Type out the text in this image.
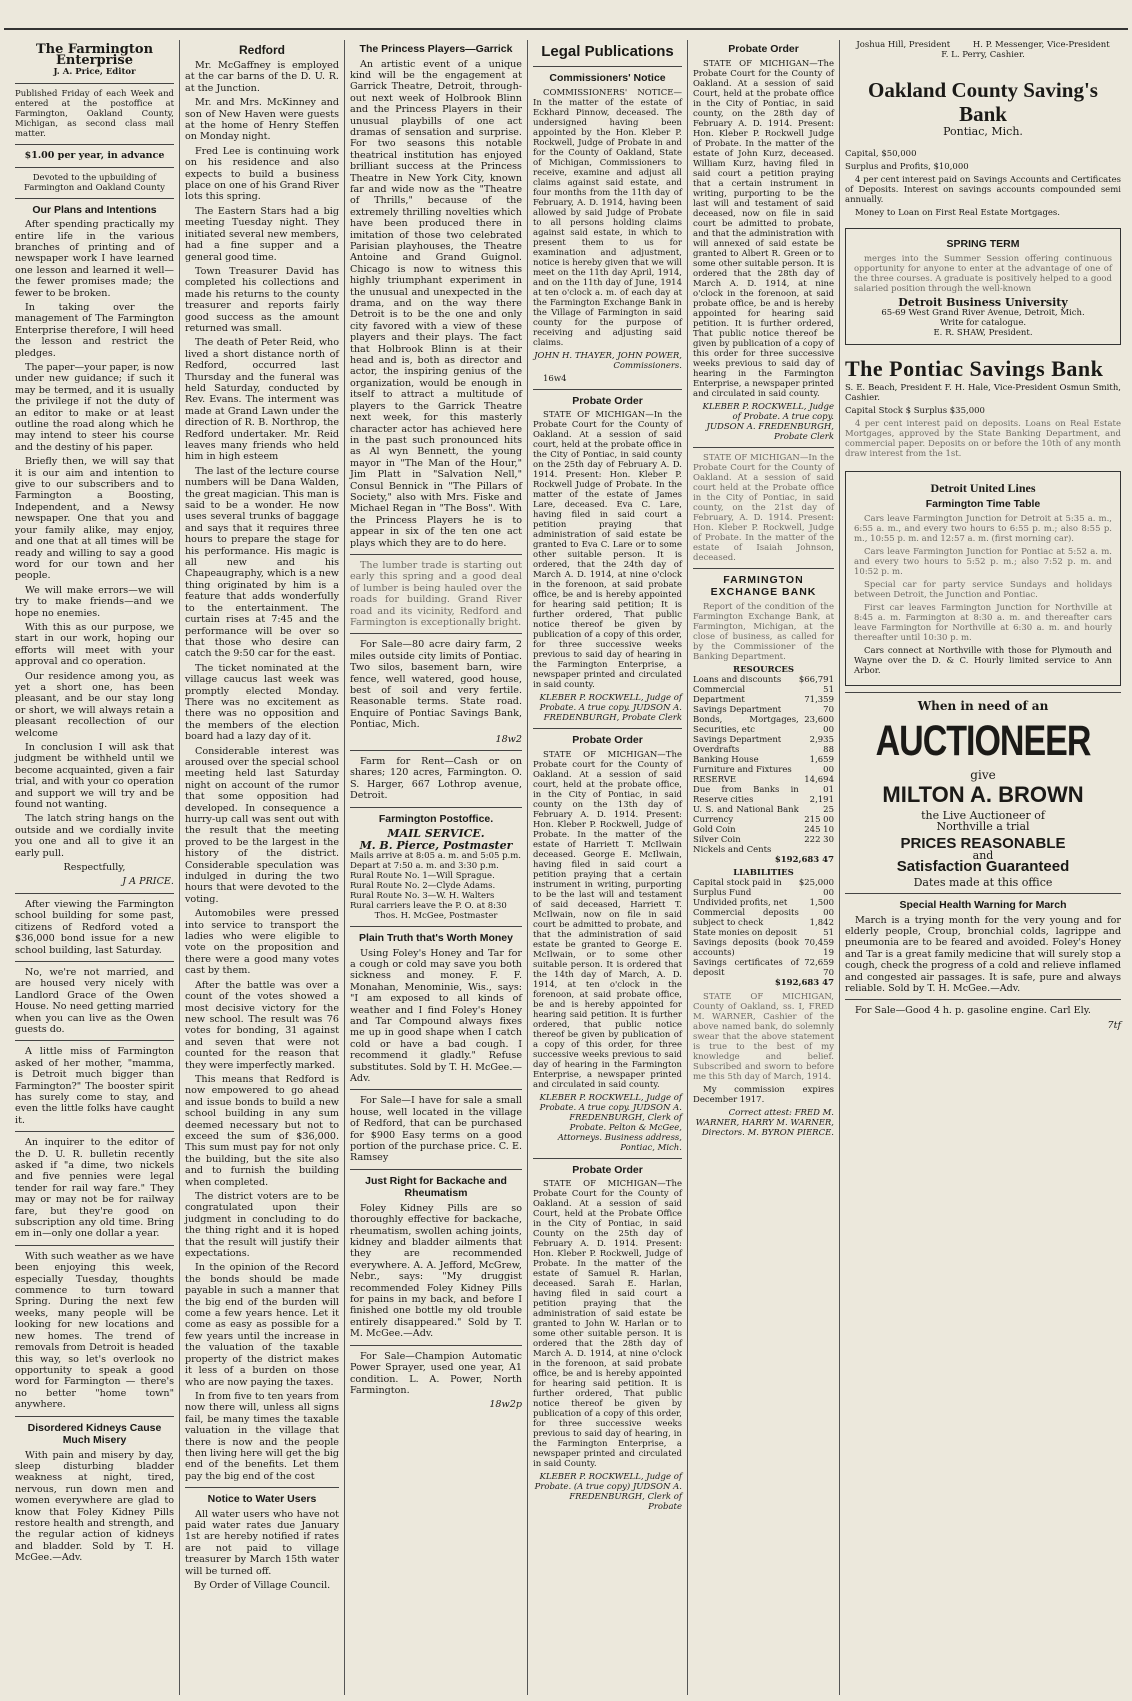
The Farmington Enterprise
J. A. Price, Editor

Published Friday of each Week and entered at the postoffice at Farmington, Oakland County, Michigan, as second class mail matter.

$1.00 per year, in advance

Devoted to the upbuilding of Farmington and Oakland County

Our Plans and Intentions

After spending practically my entire life in the various branches of printing and of newspaper work I have learned one lesson and learned it well—the fewer promises made; the fewer to be broken.

In taking over the management of The Farmington Enterprise therefore, I will heed the lesson and restrict the pledges.

The paper—your paper, is now under new guidance; if such it may be termed, and it is usually the privilege if not the duty of an editor to make or at least outline the road along which he may intend to steer his course and the destiny of his paper.

Briefly then, we will say that it is our aim and intention to give to our subscribers and to Farmington a Boosting, Independent, and a Newsy newspaper. One that you and your family alike, may enjoy, and one that at all times will be ready and willing to say a good word for our town and her people.

We will make errors—we will try to make friends—and we hope no enemies.

With this as our purpose, we start in our work, hoping our efforts will meet with your approval and co operation.

Our residence among you, as yet a short one, has been pleasant, and be our stay long or short, we will always retain a pleasant recollection of our welcome

In conclusion I will ask that judgment be withheld until we become acquainted, given a fair trial, and with your co operation and support we will try and be found not wanting.

The latch string hangs on the outside and we cordially invite you one and all to give it an early pull.

Respectfully,

J A PRICE.

After viewing the Farmington school building for some past, citizens of Redford voted a $36,000 bond issue for a new school building, last Saturday.

No, we're not married, and are housed very nicely with Landlord Grace of the Owen House. No need getting married when you can live as the Owen guests do.

A little miss of Farmington asked of her mother, "mamma, is Detroit much bigger than Farmington?" The booster spirit has surely come to stay, and even the little folks have caught it.

An inquirer to the editor of the D. U. R. bulletin recently asked if "a dime, two nickels and five pennies were legal tender for rail way fare." They may or may not be for railway fare, but they're good on subscription any old time. Bring em in—only one dollar a year.

With such weather as we have been enjoying this week, especially Tuesday, thoughts commence to turn toward Spring. During the next few weeks, many people will be looking for new locations and new homes. The trend of removals from Detroit is headed this way, so let's overlook no opportunity to speak a good word for Farmington — there's no better "home town" anywhere.

Disordered Kidneys Cause Much Misery

With pain and misery by day, sleep disturbing bladder weakness at night, tired, nervous, run down men and women everywhere are glad to know that Foley Kidney Pills restore health and strength, and the regular action of kidneys and bladder. Sold by T. H. McGee.—Adv.

Redford

Mr. McGaffney is employed at the car barns of the D. U. R. at the Junction.

Mr. and Mrs. McKinney and son of New Haven were guests at the home of Henry Steffen on Monday night.

Fred Lee is continuing work on his residence and also expects to build a business place on one of his Grand River lots this spring.

The Eastern Stars had a big meeting Tuesday night. They initiated several new members, had a fine supper and a general good time.

Town Treasurer David has completed his collections and made his returns to the county treasurer and reports fairly good success as the amount returned was small.

The death of Peter Reid, who lived a short distance north of Redford, occurred last Thursday and the funeral was held Saturday, conducted by Rev. Evans. The interment was made at Grand Lawn under the direction of R. B. Northrop, the Redford undertaker. Mr. Reid leaves many friends who held him in high esteem

The last of the lecture course numbers will be Dana Walden, the great magician. This man is said to be a wonder. He now uses several trunks of baggage and says that it requires three hours to prepare the stage for his performance. His magic is all new and his Chapeaugraphy, which is a new thing originated by him is a feature that adds wonderfully to the entertainment. The curtain rises at 7:45 and the performance will be over so that those who desire can catch the 9:50 car for the east.

The ticket nominated at the village caucus last week was promptly elected Monday. There was no excitement as there was no opposition and the members of the election board had a lazy day of it.

Considerable interest was aroused over the special school meeting held last Saturday night on account of the rumor that some opposition had developed. In consequence a hurry-up call was sent out with the result that the meeting proved to be the largest in the history of the district. Considerable speculation was indulged in during the two hours that were devoted to the voting.

Automobiles were pressed into service to transport the ladies who were eligible to vote on the proposition and there were a good many votes cast by them.

After the battle was over a count of the votes showed a most decisive victory for the new school. The result was 76 votes for bonding, 31 against and seven that were not counted for the reason that they were imperfectly marked.

This means that Redford is now empowered to go ahead and issue bonds to build a new school building in any sum deemed necessary but not to exceed the sum of $36,000. This sum must pay for not only the building, but the site also and to furnish the building when completed.

The district voters are to be congratulated upon their judgment in concluding to do the thing right and it is hoped that the result will justify their expectations.

In the opinion of the Record the bonds should be made payable in such a manner that the big end of the burden will come a few years hence. Let it come as easy as possible for a few years until the increase in the valuation of the taxable property of the district makes it less of a burden on those who are now paying the taxes.

In from five to ten years from now there will, unless all signs fail, be many times the taxable valuation in the village that there is now and the people then living here will get the big end of the benefits. Let them pay the big end of the cost

Notice to Water Users

All water users who have not paid water rates due January 1st are hereby notified if rates are not paid to village treasurer by March 15th water will be turned off.

By Order of Village Council.

The Princess Players—Garrick

An artistic event of a unique kind will be the engagement at Garrick Theatre, Detroit, through-out next week of Holbrook Blinn and the Princess Players in their unusual playbills of one act dramas of sensation and surprise. For two seasons this notable theatrical institution has enjoyed brilliant success at the Princess Theatre in New York City, known far and wide now as the "Theatre of Thrills," because of the extremely thrilling novelties which have been produced there in imitation of those two celebrated Parisian playhouses, the Theatre Antoine and Grand Guignol. Chicago is now to witness this highly triumphant experiment in the unusual and unexpected in the drama, and on the way there Detroit is to be the one and only city favored with a view of these players and their plays. The fact that Holbrook Blinn is at their head and is, both as director and actor, the inspiring genius of the organization, would be enough in itself to attract a multitude of players to the Garrick Theatre next week, for this masterly character actor has achieved here in the past such pronounced hits as Al wyn Bennett, the young mayor in "The Man of the Hour," Jim Platt in "Salvation Nell," Consul Bennick in "The Pillars of Society," also with Mrs. Fiske and Michael Regan in "The Boss". With the Princess Players he is to appear in six of the ten one act plays which they are to do here.

The lumber trade is starting out early this spring and a good deal of lumber is being hauled over the roads for building. Grand River road and its vicinity, Redford and Farmington is exceptionally bright.

For Sale—80 acre dairy farm, 2 miles outside city limits of Pontiac. Two silos, basement barn, wire fence, well watered, good house, best of soil and very fertile. Reasonable terms. State road. Enquire of Pontiac Savings Bank, Pontiac, Mich.

18w2

Farm for Rent—Cash or on shares; 120 acres, Farmington. O. S. Harger, 667 Lothrop avenue, Detroit.

Farmington Postoffice.
MAIL SERVICE.
M. B. Pierce, Postmaster
Mails arrive at 8:05 a. m. and 5:05 p.m.
Depart at 7:50 a. m. and 3:30 p.m.
Rural Route No. 1—Will Sprague.
Rural Route No. 2—Clyde Adams.
Rural Route No. 3—W. H. Walters
Rural carriers leave the P. O. at 8:30
Thos. H. McGee, Postmaster
Plain Truth that's Worth Money

Using Foley's Honey and Tar for a cough or cold may save you both sickness and money. F. F. Monahan, Menominie, Wis., says: "I am exposed to all kinds of weather and I find Foley's Honey and Tar Compound always fixes me up in good shape when I catch cold or have a bad cough. I recommend it gladly." Refuse substitutes. Sold by T. H. McGee.—Adv.

For Sale—I have for sale a small house, well located in the village of Redford, that can be purchased for $900 Easy terms on a good portion of the purchase price. C. E. Ramsey

Just Right for Backache and Rheumatism

Foley Kidney Pills are so thoroughly effective for backache, rheumatism, swollen aching joints, kidney and bladder ailments that they are recommended everywhere. A. A. Jefford, McGrew, Nebr., says: "My druggist recommended Foley Kidney Pills for pains in my back, and before I finished one bottle my old trouble entirely disappeared." Sold by T. M. McGee.—Adv.

For Sale—Champion Automatic Power Sprayer, used one year, A1 condition. L. A. Power, North Farmington.

18w2p

Legal Publications
Commissioners' Notice

COMMISSIONERS' NOTICE—In the matter of the estate of Eckhard Pinnow, deceased. The undersigned having been appointed by the Hon. Kleber P. Rockwell, Judge of Probate in and for the County of Oakland, State of Michigan, Commissioners to receive, examine and adjust all claims against said estate, and four months from the 11th day of February, A. D. 1914, having been allowed by said Judge of Probate to all persons holding claims against said estate, in which to present them to us for examination and adjustment, notice is hereby given that we will meet on the 11th day April, 1914, and on the 11th day of June, 1914 at ten o'clock a. m. of each day at the Farmington Exchange Bank in the Village of Farmington in said county for the purpose of receiving and adjusting said claims.

JOHN H. THAYER, JOHN POWER, Commissioners.

16w4

Probate Order

STATE OF MICHIGAN—In the Probate Court for the County of Oakland. At a session of said court, held at the probate office in the City of Pontiac, in said county on the 25th day of February A. D. 1914. Present: Hon. Kleber P. Rockwell Judge of Probate. In the matter of the estate of James Lare, deceased. Eva C. Lare, having filed in said court a petition praying that administration of said estate be granted to Eva C. Lare or to some other suitable person. It is ordered, that the 24th day of March A. D. 1914, at nine o'clock in the forenoon, at said probate office, be and is hereby appointed for hearing said petition; It is further ordered, That public notice thereof be given by publication of a copy of this order, for three successive weeks previous to said day of hearing in the Farmington Enterprise, a newspaper printed and circulated in said county.

KLEBER P. ROCKWELL, Judge of Probate. A true copy. JUDSON A. FREDENBURGH, Probate Clerk

Probate Order

STATE OF MICHIGAN—The Probate court for the County of Oakland. At a session of said court, held at the probate office, in the City of Pontiac, in said county on the 13th day of February A. D. 1914. Present: Hon. Kleber P. Rockwell, Judge of Probate. In the matter of the estate of Harriett T. McIlwain deceased. George E. McIlwain, having filed in said court a petition praying that a certain instrument in writing, purporting to be the last will and testament of said deceased, Harriett T. McIlwain, now on file in said court be admitted to probate, and that the administration of said estate be granted to George E. McIlwain, or to some other suitable person. It is ordered that the 14th day of March, A. D. 1914, at ten o'clock in the forenoon, at said probate office, be and is hereby appointed for hearing said petition. It is further ordered, that public notice thereof be given by publication of a copy of this order, for three successive weeks previous to said day of hearing in the Farmington Enterprise, a newspaper printed and circulated in said county.

KLEBER P. ROCKWELL, Judge of Probate. A true copy. JUDSON A. FREDENBURGH, Clerk of Probate. Pelton & McGee, Attorneys. Business address, Pontiac, Mich.

Probate Order

STATE OF MICHIGAN—The Probate Court for the County of Oakland. At a session of said Court, held at the Probate Office in the City of Pontiac, in said County on the 25th day of February A. D. 1914. Present: Hon. Kleber P. Rockwell, Judge of Probate. In the matter of the estate of Samuel R. Harlan, deceased. Sarah E. Harlan, having filed in said court a petition praying that the administration of said estate be granted to John W. Harlan or to some other suitable person. It is ordered that the 28th day of March A. D. 1914, at nine o'clock in the forenoon, at said probate office, be and is hereby appointed for hearing said petition. It is further ordered, That public notice thereof be given by publication of a copy of this order, for three successive weeks previous to said day of hearing, in the Farmington Enterprise, a newspaper printed and circulated in said County.

KLEBER P. ROCKWELL, Judge of Probate. (A true copy) JUDSON A. FREDENBURGH, Clerk of Probate

Probate Order

STATE OF MICHIGAN—The Probate Court for the County of Oakland. At a session of said Court, held at the probate office in the City of Pontiac, in said county, on the 28th day of February A. D. 1914. Present: Hon. Kleber P. Rockwell Judge of Probate. In the matter of the estate of John Kurz, deceased. William Kurz, having filed in said court a petition praying that a certain instrument in writing, purporting to be the last will and testament of said deceased, now on file in said court be admitted to probate, and that the administration with will annexed of said estate be granted to Albert R. Green or to some other suitable person. It is ordered that the 28th day of March A. D. 1914, at nine o'clock in the forenoon, at said probate office, be and is hereby appointed for hearing said petition. It is further ordered, That public notice thereof be given by publication of a copy of this order for three successive weeks previous to said day of hearing in the Farmington Enterprise, a newspaper printed and circulated in said county.

KLEBER P. ROCKWELL, Judge of Probate. A true copy. JUDSON A. FREDENBURGH, Probate Clerk

STATE OF MICHIGAN—In the Probate Court for the County of Oakland. At a session of said court held at the Probate office in the City of Pontiac, in said county, on the 21st day of February, A. D. 1914. Present: Hon. Kleber P. Rockwell, Judge of Probate. In the matter of the estate of Isaiah Johnson, deceased.

FARMINGTON EXCHANGE BANK

Report of the condition of the Farmington Exchange Bank, at Farmington, Michigan, at the close of business, as called for by the Commissioner of the Banking Department.

RESOURCES
Loans and discounts
Commercial Department
Savings Department
Bonds, Mortgages, Securities, etc
Savings Department
Overdrafts
Banking House
Furniture and Fixtures
RESERVE
Due from Banks in Reserve cities
U. S. and National Bank Currency
Gold Coin
Silver Coin
Nickels and Cents
$66,791 51
71,359 70
23,600 00
2,935 88
1,659 00
14,694 01
2,191 25
215 00
245 10
222 30
$192,683 47
LIABILITIES
Capital stock paid in
Surplus Fund
Undivided profits, net
Commercial deposits subject to check
State monies on deposit
Savings deposits (book accounts)
Savings certificates of deposit
$25,000 00
1,500 00
1,842 51
70,459 19
72,659 70
$192,683 47

STATE OF MICHIGAN, County of Oakland, ss. I, FRED M. WARNER, Cashier of the above named bank, do solemnly swear that the above statement is true to the best of my knowledge and belief. Subscribed and sworn to before me this 5th day of March, 1914.

My commission expires December 1917.

Correct attest: FRED M. WARNER, HARRY M. WARNER, Directors. M. BYRON PIERCE.

Joshua Hill, President	H. P. Messenger, Vice-President
F. L. Perry, Cashier.
Oakland County Saving's Bank
Pontiac, Mich.

Capital, $50,000

Surplus and Profits, $10,000

4 per cent interest paid on Savings Accounts and Certificates of Deposits. Interest on savings accounts compounded semi annually.

Money to Loan on First Real Estate Mortgages.

SPRING TERM

merges into the Summer Session offering continuous opportunity for anyone to enter at the advantage of one of the three courses. A graduate is positively helped to a good salaried position through the well-known

Detroit Business University
65-69 West Grand River Avenue, Detroit, Mich.
Write for catalogue.
E. R. SHAW, President.
The Pontiac Savings Bank

S. E. Beach, President F. H. Hale, Vice-President Osmun Smith, Cashier.

Capital Stock $ Surplus $35,000

4 per cent interest paid on deposits. Loans on Real Estate Mortgages, approved by the State Banking Department, and commercial paper. Deposits on or before the 10th of any month draw interest from the 1st.

Detroit United Lines
Farmington Time Table

Cars leave Farmington Junction for Detroit at 5:35 a. m., 6:55 a. m., and every two hours to 6:55 p. m.; also 8:55 p. m., 10:55 p. m. and 12:57 a. m. (first morning car).

Cars leave Farmington Junction for Pontiac at 5:52 a. m. and every two hours to 5:52 p. m.; also 7:52 p. m. and 10:52 p. m.

Special car for party service Sundays and holidays between Detroit, the Junction and Pontiac.

First car leaves Farmington Junction for Northville at 8:45 a. m. Farmington at 8:30 a. m. and thereafter cars leave Farmington for Northville at 6:30 a. m. and hourly thereafter until 10:30 p. m.

Cars connect at Northville with those for Plymouth and Wayne over the D. & C. Hourly limited service to Ann Arbor.

When in need of an
AUCTIONEER
give
MILTON A. BROWN
the Live Auctioneer of Northville a trial
PRICES REASONABLE
and
Satisfaction Guaranteed
Dates made at this office
Special Health Warning for March

March is a trying month for the very young and for elderly people, Croup, bronchial colds, lagrippe and pneumonia are to be feared and avoided. Foley's Honey and Tar is a great family medicine that will surely stop a cough, check the progress of a cold and relieve inflamed and congested air passages. It is safe, pure and always reliable. Sold by T. H. McGee.—Adv.

For Sale—Good 4 h. p. gasoline engine. Carl Ely.

7tf
